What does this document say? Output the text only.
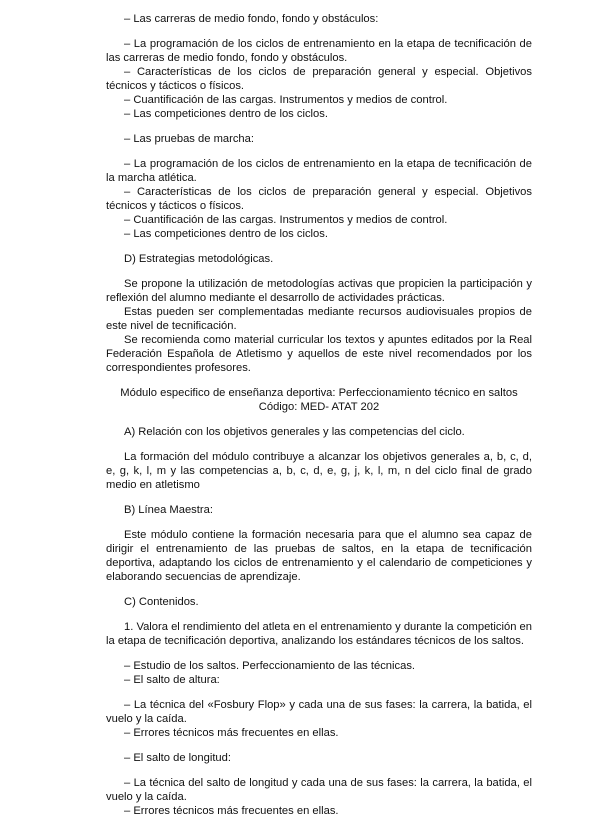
– Las carreras de medio fondo, fondo y obstáculos:

– La programación de los ciclos de entrenamiento en la etapa de tecnificación de las carreras de medio fondo, fondo y obstáculos.

– Características de los ciclos de preparación general y especial. Objetivos técnicos y tácticos o físicos.

– Cuantificación de las cargas. Instrumentos y medios de control.

– Las competiciones dentro de los ciclos.

– Las pruebas de marcha:

– La programación de los ciclos de entrenamiento en la etapa de tecnificación de la marcha atlética.

– Características de los ciclos de preparación general y especial. Objetivos técnicos y tácticos o físicos.

– Cuantificación de las cargas. Instrumentos y medios de control.

– Las competiciones dentro de los ciclos.

D) Estrategias metodológicas.

Se propone la utilización de metodologías activas que propicien la participación y reflexión del alumno mediante el desarrollo de actividades prácticas.

Estas pueden ser complementadas mediante recursos audiovisuales propios de este nivel de tecnificación.

Se recomienda como material curricular los textos y apuntes editados por la Real Federación Española de Atletismo y aquellos de este nivel recomendados por los correspondientes profesores.

Módulo especifico de enseñanza deportiva: Perfeccionamiento técnico en saltos

Código: MED- ATAT 202

A) Relación con los objetivos generales y las competencias del ciclo.

La formación del módulo contribuye a alcanzar los objetivos generales a, b, c, d, e, g, k, l, m y las competencias a, b, c, d, e, g, j, k, l, m, n del ciclo final de grado medio en atletismo

B) Línea Maestra:

Este módulo contiene la formación necesaria para que el alumno sea capaz de dirigir el entrenamiento de las pruebas de saltos, en la etapa de tecnificación deportiva, adaptando los ciclos de entrenamiento y el calendario de competiciones y elaborando secuencias de aprendizaje.

C) Contenidos.

1. Valora el rendimiento del atleta en el entrenamiento y durante la competición en la etapa de tecnificación deportiva, analizando los estándares técnicos de los saltos.

– Estudio de los saltos. Perfeccionamiento de las técnicas.

– El salto de altura:

– La técnica del «Fosbury Flop» y cada una de sus fases: la carrera, la batida, el vuelo y la caída.

– Errores técnicos más frecuentes en ellas.

– El salto de longitud:

– La técnica del salto de longitud y cada una de sus fases: la carrera, la batida, el vuelo y la caída.

– Errores técnicos más frecuentes en ellas.
